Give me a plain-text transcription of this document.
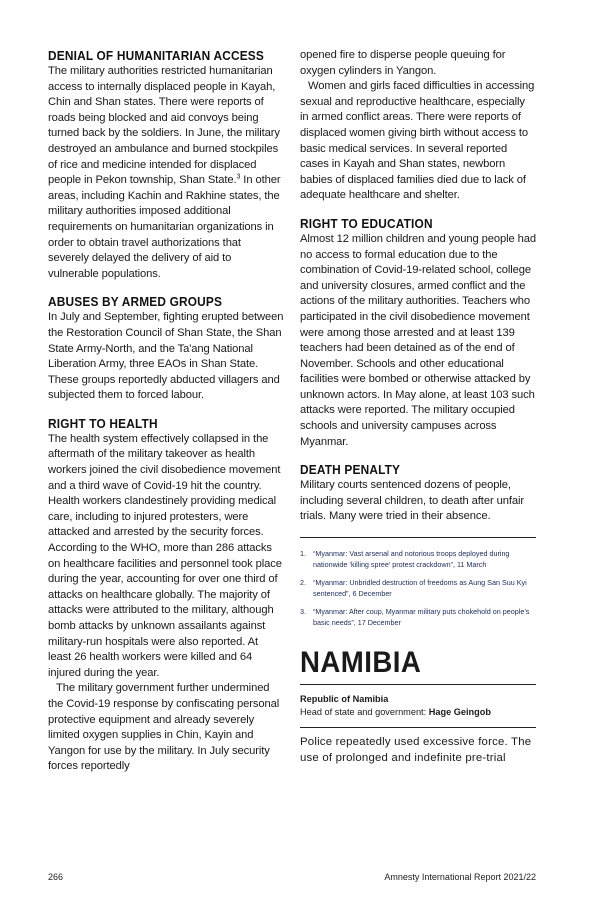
DENIAL OF HUMANITARIAN ACCESS

The military authorities restricted humanitarian access to internally displaced people in Kayah, Chin and Shan states. There were reports of roads being blocked and aid convoys being turned back by the soldiers. In June, the military destroyed an ambulance and burned stockpiles of rice and medicine intended for displaced people in Pekon township, Shan State.$^3$ In other areas, including Kachin and Rakhine states, the military authorities imposed additional requirements on humanitarian organizations in order to obtain travel authorizations that severely delayed the delivery of aid to vulnerable populations.

ABUSES BY ARMED GROUPS

In July and September, fighting erupted between the Restoration Council of Shan State, the Shan State Army-North, and the Ta'ang National Liberation Army, three EAOs in Shan State. These groups reportedly abducted villagers and subjected them to forced labour.

RIGHT TO HEALTH

The health system effectively collapsed in the aftermath of the military takeover as health workers joined the civil disobedience movement and a third wave of Covid-19 hit the country. Health workers clandestinely providing medical care, including to injured protesters, were attacked and arrested by the security forces. According to the WHO, more than 286 attacks on healthcare facilities and personnel took place during the year, accounting for over one third of attacks on healthcare globally. The majority of attacks were attributed to the military, although bomb attacks by unknown assailants against military-run hospitals were also reported. At least 26 health workers were killed and 64 injured during the year.

The military government further undermined the Covid-19 response by confiscating personal protective equipment and already severely limited oxygen supplies in Chin, Kayin and Yangon for use by the military. In July security forces reportedly

opened fire to disperse people queuing for oxygen cylinders in Yangon.

Women and girls faced difficulties in accessing sexual and reproductive healthcare, especially in armed conflict areas. There were reports of displaced women giving birth without access to basic medical services. In several reported cases in Kayah and Shan states, newborn babies of displaced families died due to lack of adequate healthcare and shelter.

RIGHT TO EDUCATION

Almost 12 million children and young people had no access to formal education due to the combination of Covid-19-related school, college and university closures, armed conflict and the actions of the military authorities. Teachers who participated in the civil disobedience movement were among those arrested and at least 139 teachers had been detained as of the end of November. Schools and other educational facilities were bombed or otherwise attacked by unknown actors. In May alone, at least 103 such attacks were reported. The military occupied schools and university campuses across Myanmar.

DEATH PENALTY

Military courts sentenced dozens of people, including several children, to death after unfair trials. Many were tried in their absence.

1. “Myanmar: Vast arsenal and notorious troops deployed during nationwide ‘killing spree’ protest crackdown”, 11 March
2. “Myanmar: Unbridled destruction of freedoms as Aung San Suu Kyi sentenced”, 6 December
3. “Myanmar: After coup, Myanmar military puts chokehold on people’s basic needs”, 17 December
NAMIBIA

Republic of Namibia

Head of state and government: Hage Geingob

Police repeatedly used excessive force. The use of prolonged and indefinite pre-trial

266	Amnesty International Report 2021/22
